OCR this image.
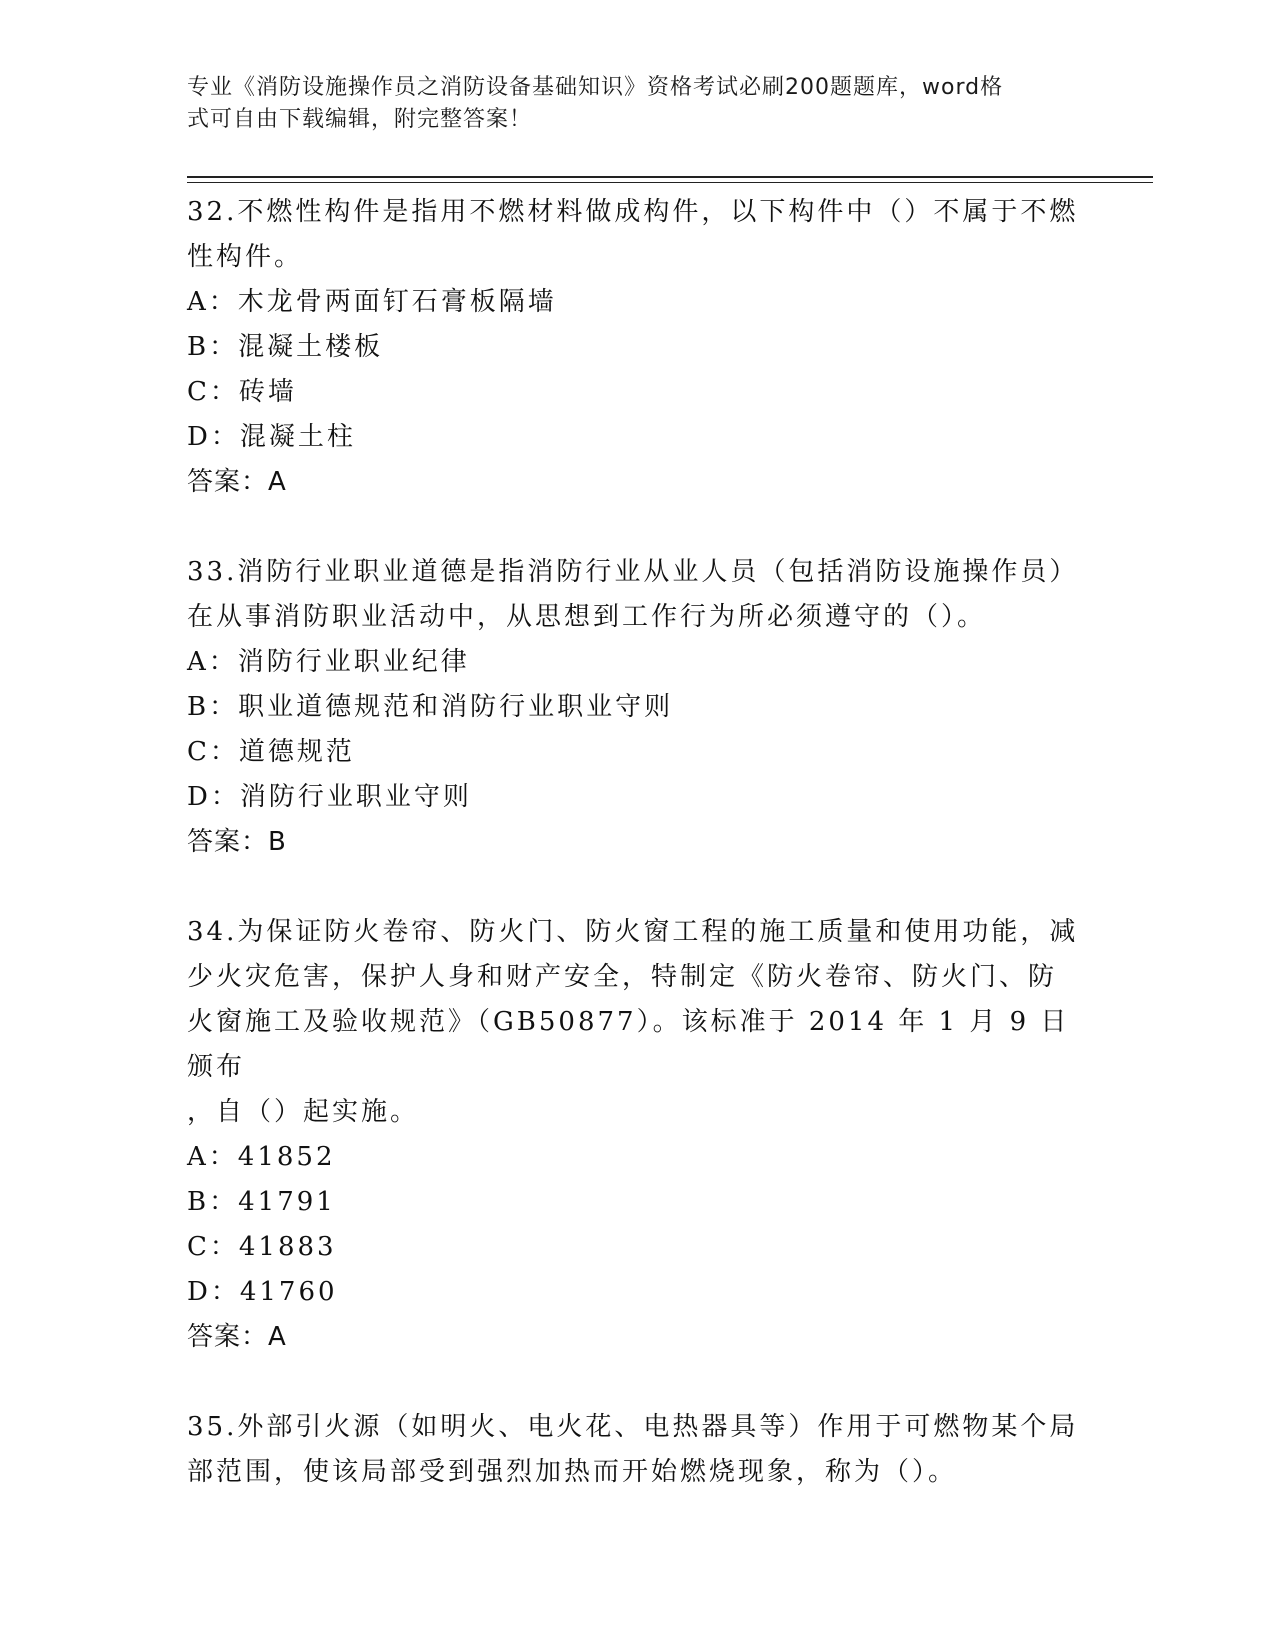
专业《消防设施操作员之消防设备基础知识》资格考试必刷200题题库，word格
式可自由下载编辑，附完整答案！
32.不燃性构件是指用不燃材料做成构件，以下构件中（）不属于不燃
性构件。
A：木龙骨两面钉石膏板隔墙
B：混凝土楼板
C：砖墙
D：混凝土柱
答案：A
33.消防行业职业道德是指消防行业从业人员（包括消防设施操作员）
在从事消防职业活动中，从思想到工作行为所必须遵守的（）。
A：消防行业职业纪律
B：职业道德规范和消防行业职业守则
C：道德规范
D：消防行业职业守则
答案：B
34.为保证防火卷帘、防火门、防火窗工程的施工质量和使用功能，减
少火灾危害，保护人身和财产安全，特制定《防火卷帘、防火门、防
火窗施工及验收规范》（GB50877）。该标准于 2014 年 1 月 9 日颁布
，自（）起实施。
A：41852
B：41791
C：41883
D：41760
答案：A
35.外部引火源（如明火、电火花、电热器具等）作用于可燃物某个局
部范围，使该局部受到强烈加热而开始燃烧现象，称为（）。
